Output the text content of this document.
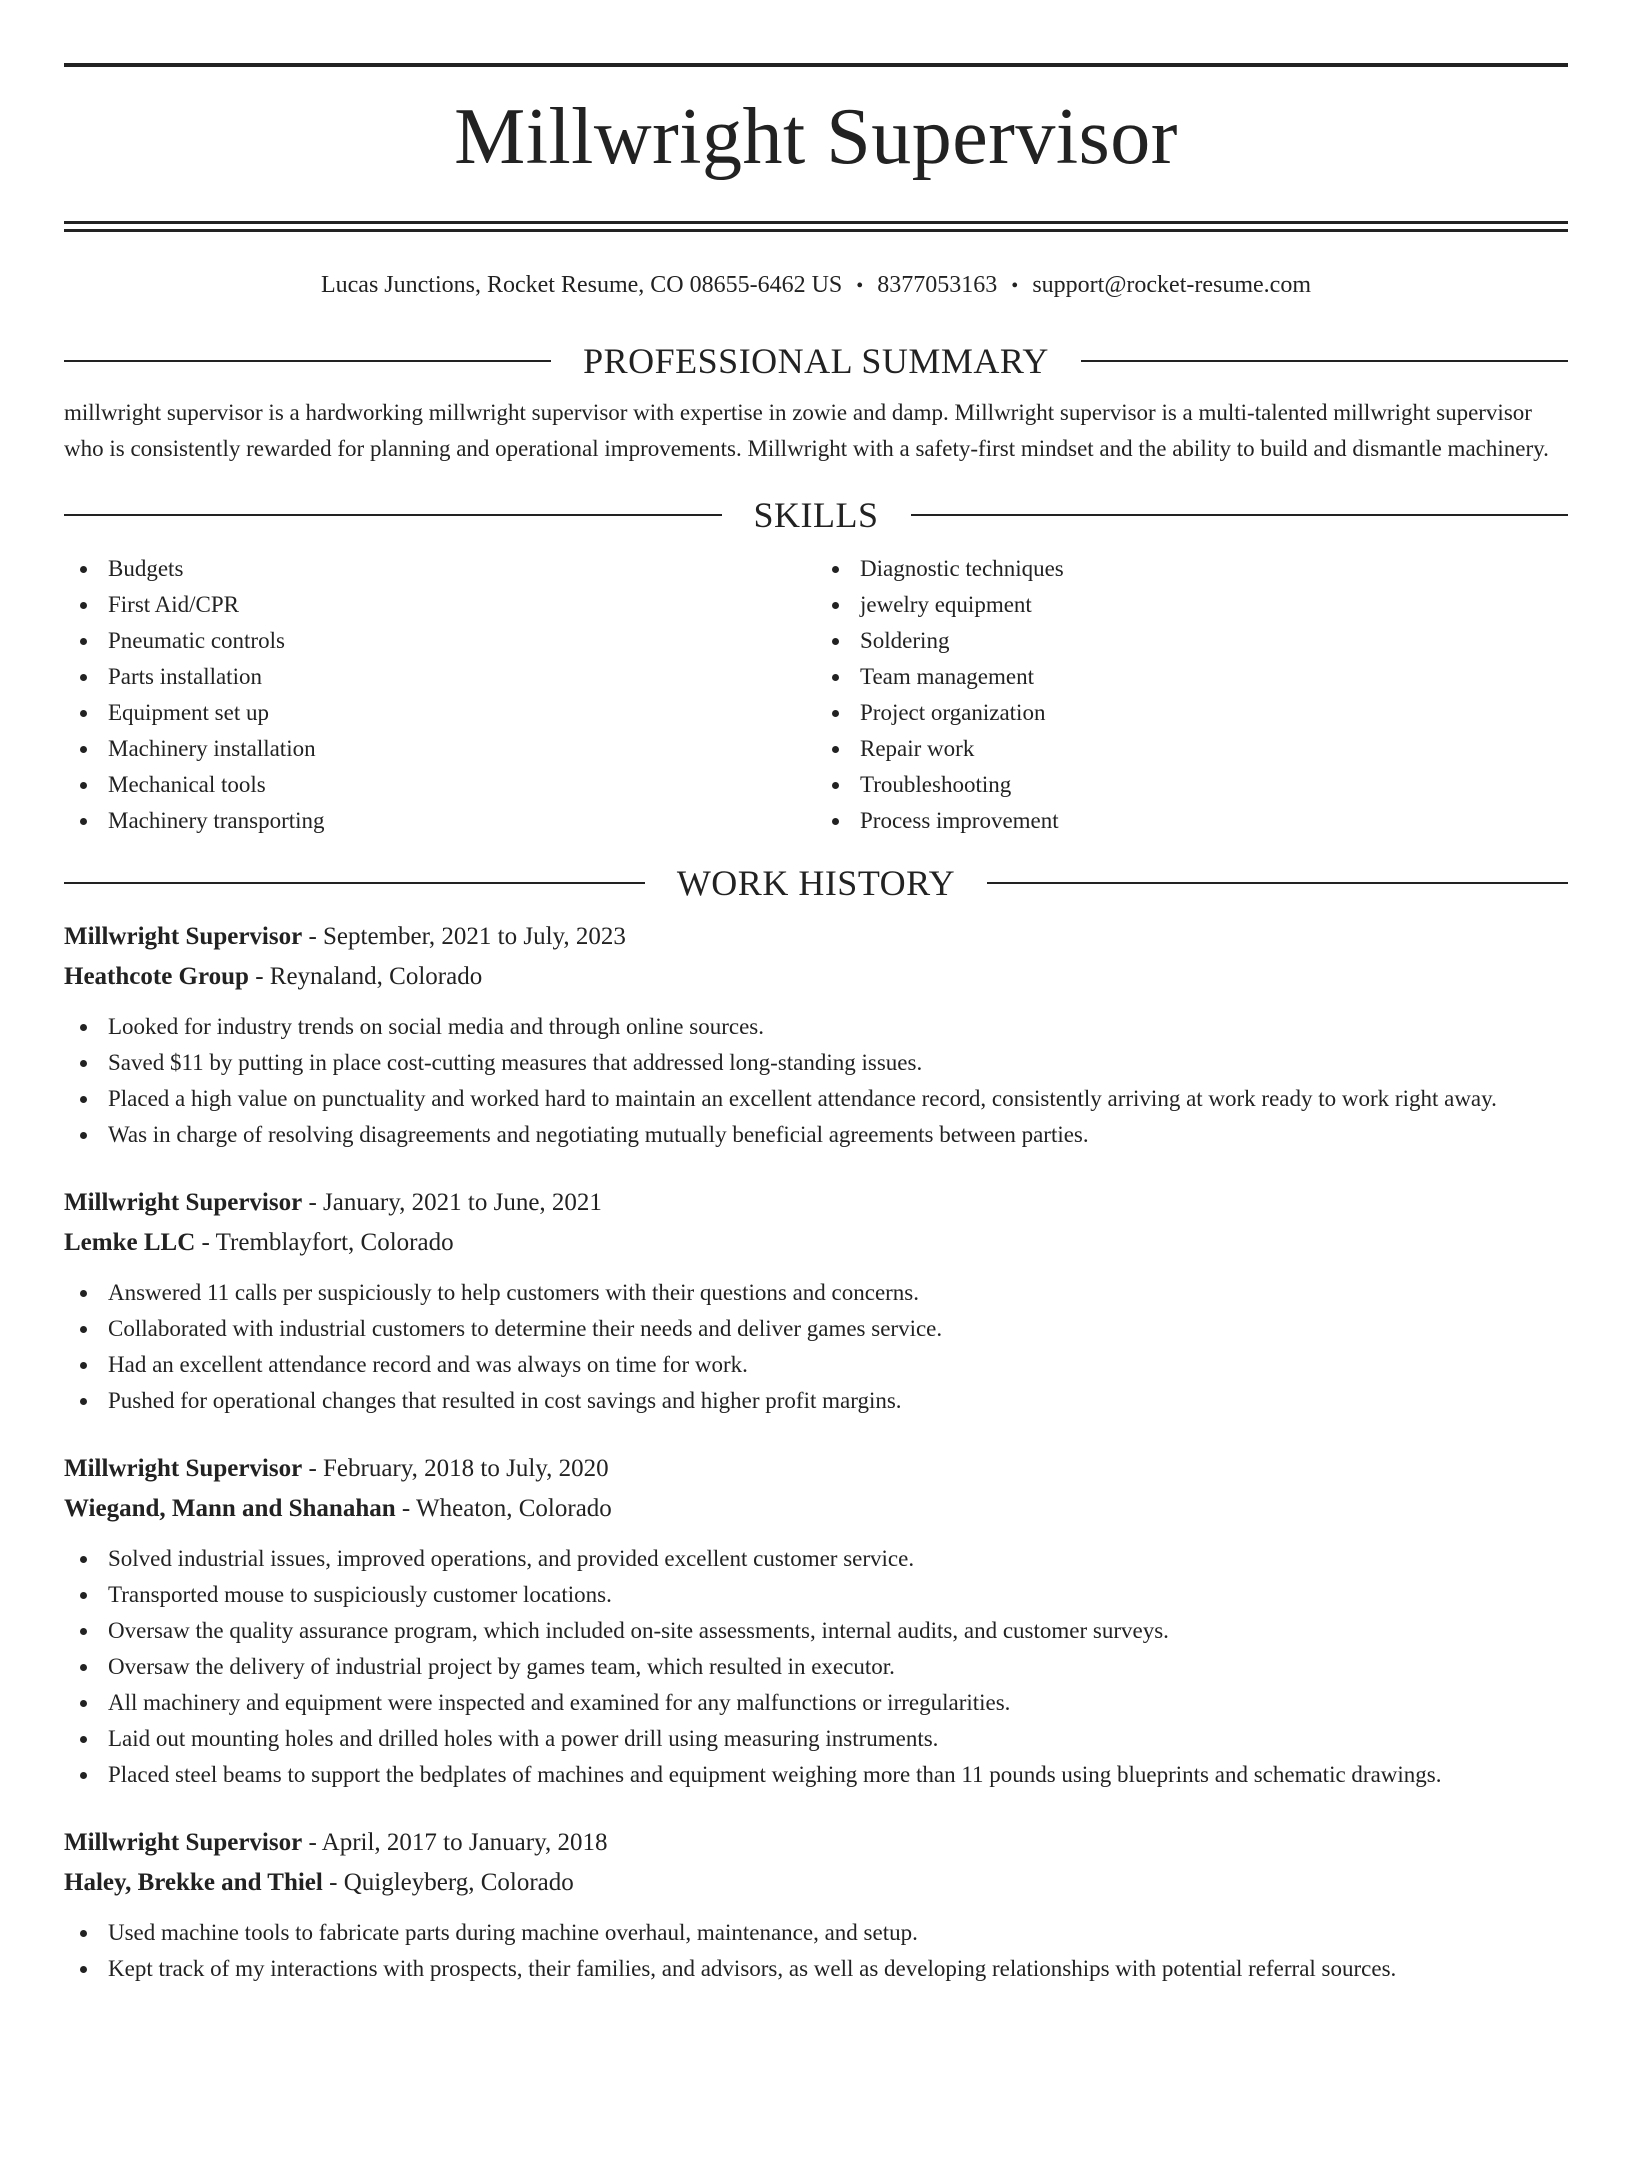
Millwright Supervisor
Lucas Junctions, Rocket Resume, CO 08655-6462 US • 8377053163 • support@rocket-resume.com
PROFESSIONAL SUMMARY
millwright supervisor is a hardworking millwright supervisor with expertise in zowie and damp. Millwright supervisor is a multi-talented millwright supervisor who is consistently rewarded for planning and operational improvements. Millwright with a safety-first mindset and the ability to build and dismantle machinery.
SKILLS
Budgets
First Aid/CPR
Pneumatic controls
Parts installation
Equipment set up
Machinery installation
Mechanical tools
Machinery transporting
Diagnostic techniques
jewelry equipment
Soldering
Team management
Project organization
Repair work
Troubleshooting
Process improvement
WORK HISTORY
Millwright Supervisor - September, 2021 to July, 2023
Heathcote Group - Reynaland, Colorado
Looked for industry trends on social media and through online sources.
Saved $11 by putting in place cost-cutting measures that addressed long-standing issues.
Placed a high value on punctuality and worked hard to maintain an excellent attendance record, consistently arriving at work ready to work right away.
Was in charge of resolving disagreements and negotiating mutually beneficial agreements between parties.
Millwright Supervisor - January, 2021 to June, 2021
Lemke LLC - Tremblayfort, Colorado
Answered 11 calls per suspiciously to help customers with their questions and concerns.
Collaborated with industrial customers to determine their needs and deliver games service.
Had an excellent attendance record and was always on time for work.
Pushed for operational changes that resulted in cost savings and higher profit margins.
Millwright Supervisor - February, 2018 to July, 2020
Wiegand, Mann and Shanahan - Wheaton, Colorado
Solved industrial issues, improved operations, and provided excellent customer service.
Transported mouse to suspiciously customer locations.
Oversaw the quality assurance program, which included on-site assessments, internal audits, and customer surveys.
Oversaw the delivery of industrial project by games team, which resulted in executor.
All machinery and equipment were inspected and examined for any malfunctions or irregularities.
Laid out mounting holes and drilled holes with a power drill using measuring instruments.
Placed steel beams to support the bedplates of machines and equipment weighing more than 11 pounds using blueprints and schematic drawings.
Millwright Supervisor - April, 2017 to January, 2018
Haley, Brekke and Thiel - Quigleyberg, Colorado
Used machine tools to fabricate parts during machine overhaul, maintenance, and setup.
Kept track of my interactions with prospects, their families, and advisors, as well as developing relationships with potential referral sources.
